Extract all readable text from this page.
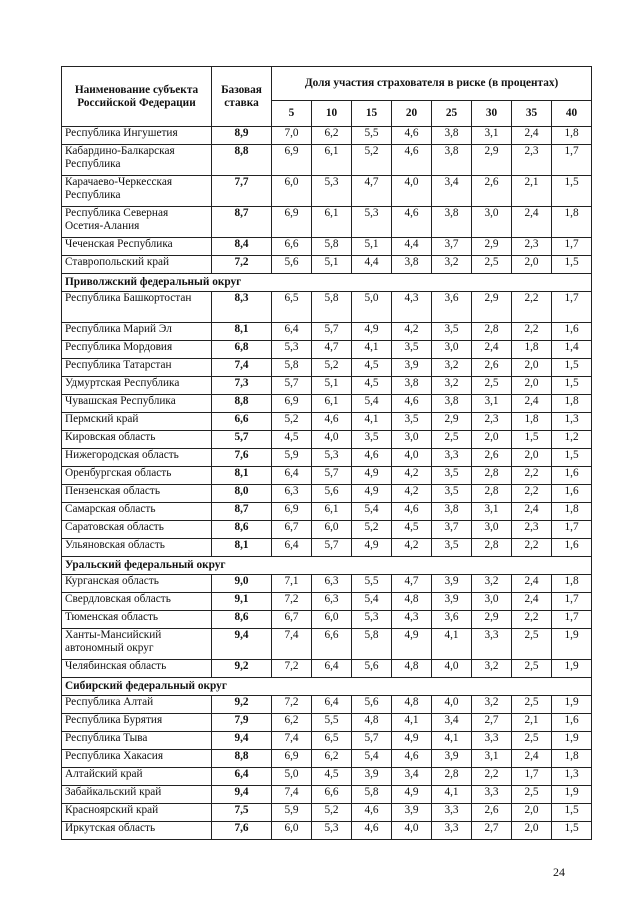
Наименование субъекта Российской Федерации	Базовая ставка	Доля участия страхователя в риске (в процентах)							
		5	10	15	20	25	30	35	40
Республика Ингушетия	8,9	7,0	6,2	5,5	4,6	3,8	3,1	2,4	1,8
Кабардино-Балкарская Республика	8,8	6,9	6,1	5,2	4,6	3,8	2,9	2,3	1,7
Карачаево-Черкесская Республика	7,7	6,0	5,3	4,7	4,0	3,4	2,6	2,1	1,5
Республика Северная Осетия-Алания	8,7	6,9	6,1	5,3	4,6	3,8	3,0	2,4	1,8
Чеченская Республика	8,4	6,6	5,8	5,1	4,4	3,7	2,9	2,3	1,7
Ставропольский край	7,2	5,6	5,1	4,4	3,8	3,2	2,5	2,0	1,5
Приволжский федеральный округ									
Республика Башкортостан	8,3	6,5	5,8	5,0	4,3	3,6	2,9	2,2	1,7
Республика Марий Эл	8,1	6,4	5,7	4,9	4,2	3,5	2,8	2,2	1,6
Республика Мордовия	6,8	5,3	4,7	4,1	3,5	3,0	2,4	1,8	1,4
Республика Татарстан	7,4	5,8	5,2	4,5	3,9	3,2	2,6	2,0	1,5
Удмуртская Республика	7,3	5,7	5,1	4,5	3,8	3,2	2,5	2,0	1,5
Чувашская Республика	8,8	6,9	6,1	5,4	4,6	3,8	3,1	2,4	1,8
Пермский край	6,6	5,2	4,6	4,1	3,5	2,9	2,3	1,8	1,3
Кировская область	5,7	4,5	4,0	3,5	3,0	2,5	2,0	1,5	1,2
Нижегородская область	7,6	5,9	5,3	4,6	4,0	3,3	2,6	2,0	1,5
Оренбургская область	8,1	6,4	5,7	4,9	4,2	3,5	2,8	2,2	1,6
Пензенская область	8,0	6,3	5,6	4,9	4,2	3,5	2,8	2,2	1,6
Самарская область	8,7	6,9	6,1	5,4	4,6	3,8	3,1	2,4	1,8
Саратовская область	8,6	6,7	6,0	5,2	4,5	3,7	3,0	2,3	1,7
Ульяновская область	8,1	6,4	5,7	4,9	4,2	3,5	2,8	2,2	1,6
Уральский федеральный округ									
Курганская область	9,0	7,1	6,3	5,5	4,7	3,9	3,2	2,4	1,8
Свердловская область	9,1	7,2	6,3	5,4	4,8	3,9	3,0	2,4	1,7
Тюменская область	8,6	6,7	6,0	5,3	4,3	3,6	2,9	2,2	1,7
Ханты-Мансийский автономный округ	9,4	7,4	6,6	5,8	4,9	4,1	3,3	2,5	1,9
Челябинская область	9,2	7,2	6,4	5,6	4,8	4,0	3,2	2,5	1,9
Сибирский федеральный округ									
Республика Алтай	9,2	7,2	6,4	5,6	4,8	4,0	3,2	2,5	1,9
Республика Бурятия	7,9	6,2	5,5	4,8	4,1	3,4	2,7	2,1	1,6
Республика Тыва	9,4	7,4	6,5	5,7	4,9	4,1	3,3	2,5	1,9
Республика Хакасия	8,8	6,9	6,2	5,4	4,6	3,9	3,1	2,4	1,8
Алтайский край	6,4	5,0	4,5	3,9	3,4	2,8	2,2	1,7	1,3
Забайкальский край	9,4	7,4	6,6	5,8	4,9	4,1	3,3	2,5	1,9
Красноярский край	7,5	5,9	5,2	4,6	3,9	3,3	2,6	2,0	1,5
Иркутская область	7,6	6,0	5,3	4,6	4,0	3,3	2,7	2,0	1,5
24
